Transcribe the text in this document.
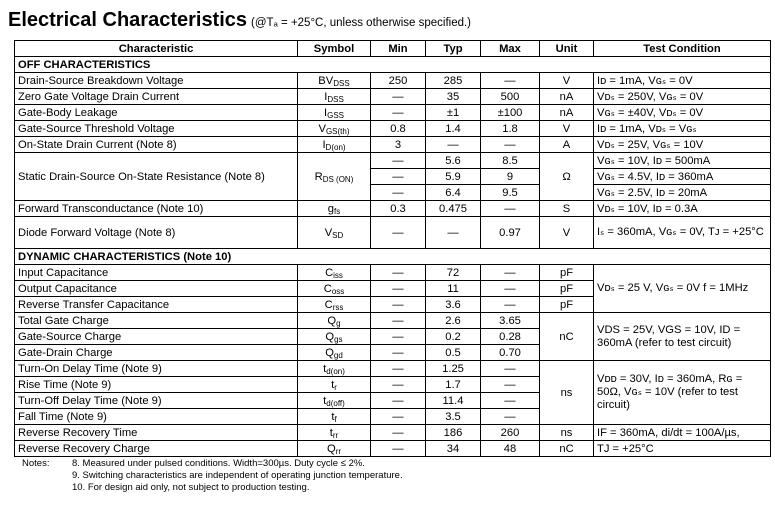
Electrical Characteristics (@Tₐ = +25°C, unless otherwise specified.)
Characteristic	Symbol	Min	Typ	Max	Unit	Test Condition
OFF CHARACTERISTICS						
Drain-Source Breakdown Voltage	$BV_{DSS}$	250	285	—	V	Iᴅ = 1mA, Vɢₛ = 0V
Zero Gate Voltage Drain Current	$I_{DSS}$	—	35	500	nA	Vᴅₛ = 250V, Vɢₛ = 0V
Gate-Body Leakage	$I_{GSS}$	—	±1	±100	nA	Vɢₛ = ±40V, Vᴅₛ = 0V
Gate-Source Threshold Voltage	$V_{GS(th)}$	0.8	1.4	1.8	V	Iᴅ = 1mA, Vᴅₛ = Vɢₛ
On-State Drain Current (Note 8)	$I_{D(on)}$	3	—	—	A	Vᴅₛ = 25V, Vɢₛ = 10V
Static Drain-Source On-State Resistance (Note 8)	$R_{DS (ON)}$	—	5.6	8.5	Ω	Vɢₛ = 10V, Iᴅ = 500mA
		—	5.9	9		Vɢₛ = 4.5V, Iᴅ = 360mA
		—	6.4	9.5		Vɢₛ = 2.5V, Iᴅ = 20mA
Forward Transconductance (Note 10)	$g_{fs}$	0.3	0.475	—	S	Vᴅₛ = 10V, Iᴅ = 0.3A
Diode Forward Voltage (Note 8)	$V_{SD}$	—	—	0.97	V	Iₛ = 360mA, Vɢₛ = 0V, Tᴊ = +25°C
DYNAMIC CHARACTERISTICS (Note 10)						
Input Capacitance	$C_{iss}$	—	72	—	pF	Vᴅₛ = 25 V, Vɢₛ = 0V f = 1MHz
Output Capacitance	$C_{oss}$	—	11	—	pF	
Reverse Transfer Capacitance	$C_{rss}$	—	3.6	—	pF	
Total Gate Charge	$Q_g$	—	2.6	3.65	nC	VDS = 25V, VGS = 10V, ID = 360mA (refer to test circuit)
Gate-Source Charge	$Q_{gs}$	—	0.2	0.28		
Gate-Drain Charge	$Q_{gd}$	—	0.5	0.70		
Turn-On Delay Time (Note 9)	$t_{d(on)}$	—	1.25	—	ns	Vᴅᴅ = 30V, Iᴅ = 360mA, Rɢ = 50Ω, Vɢₛ = 10V (refer to test circuit)
Rise Time (Note 9)	$t_r$	—	1.7	—		
Turn-Off Delay Time (Note 9)	$t_{d(off)}$	—	11.4	—		
Fall Time (Note 9)	$t_f$	—	3.5	—		
Reverse Recovery Time	$t_{rr}$	—	186	260	ns	IF = 360mA, di/dt = 100A/µs,
Reverse Recovery Charge	$Q_{rr}$	—	34	48	nC	TJ = +25°C
Notes: 8. Measured under pulsed conditions. Width=300µs. Duty cycle ≤ 2%.
9. Switching characteristics are independent of operating junction temperature.
10. For design aid only, not subject to production testing.
